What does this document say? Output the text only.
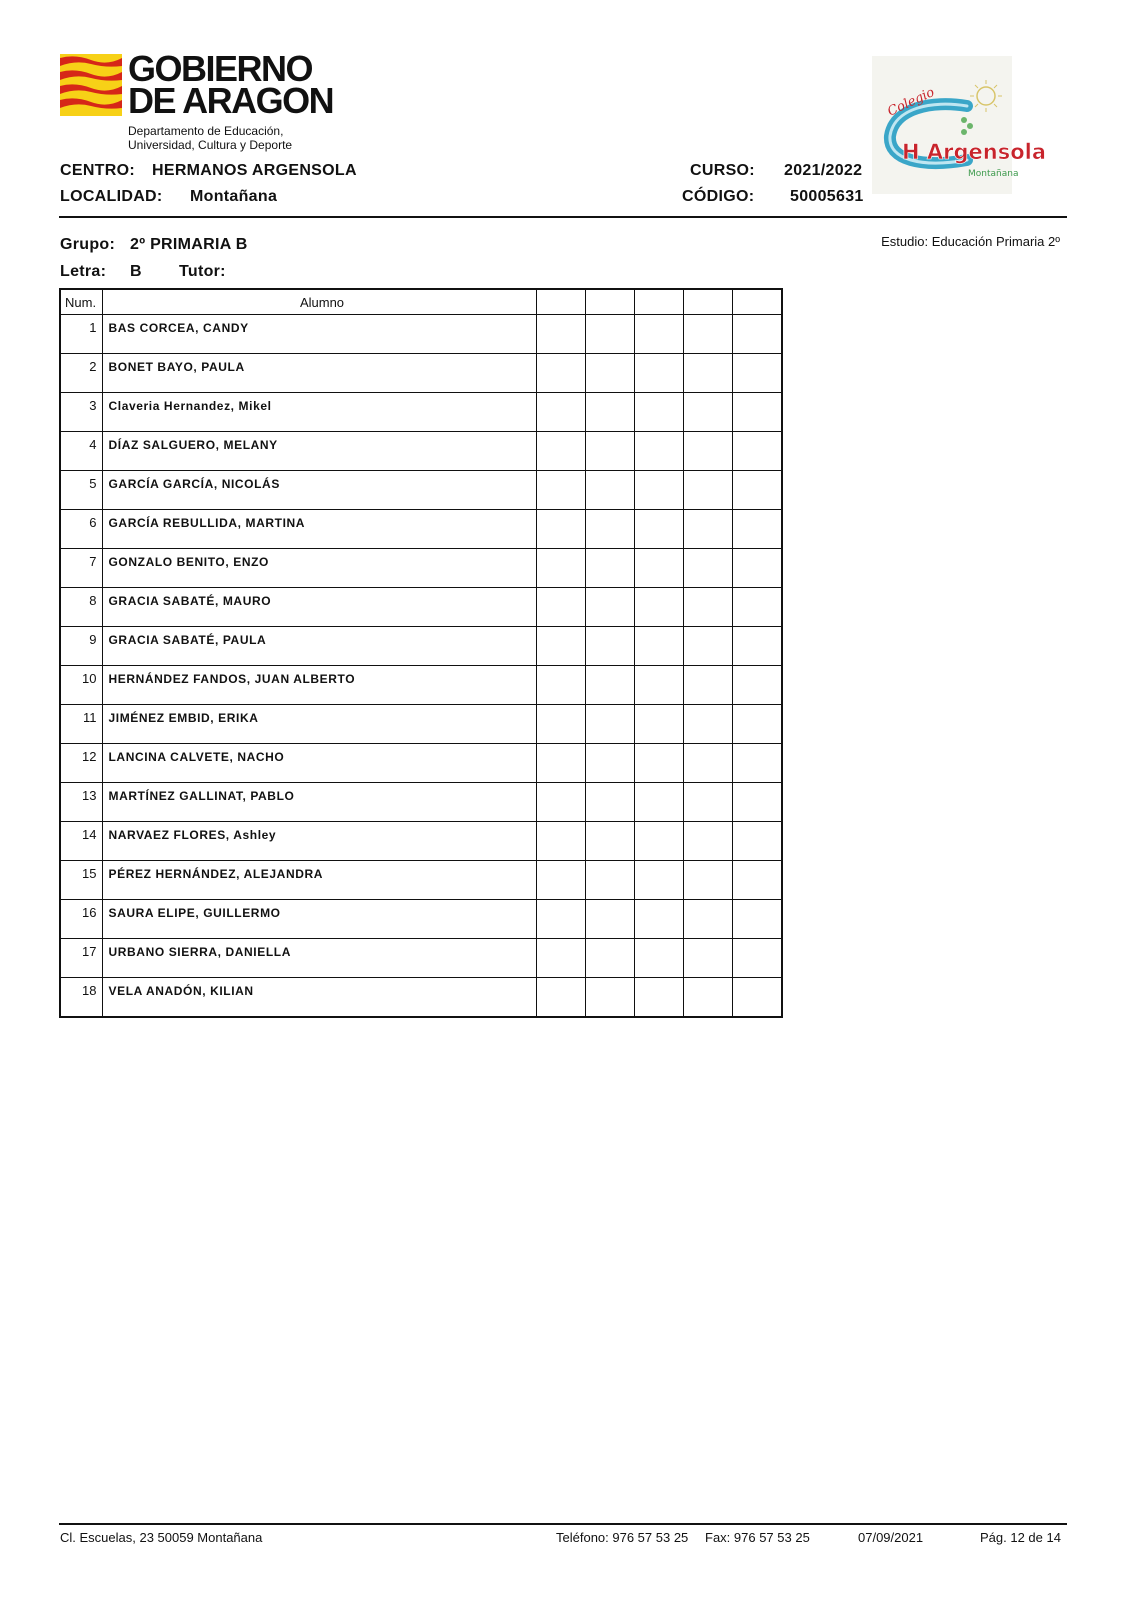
GOBIERNO
DE ARAGON
Departamento de Educación,
Universidad, Cultura y Deporte
Colegio
H Argensola
Montañana
CENTRO: HERMANOS ARGENSOLA
LOCALIDAD: Montañana
CURSO: 2021/2022
CÓDIGO: 50005631
Grupo: 2º PRIMARIA B
Letra: B Tutor:
Estudio: Educación Primaria 2º
Num.	Alumno					
1	BAS CORCEA, CANDY					
2	BONET BAYO, PAULA					
3	Claveria Hernandez, Mikel					
4	DÍAZ SALGUERO, MELANY					
5	GARCÍA GARCÍA, NICOLÁS					
6	GARCÍA REBULLIDA, MARTINA					
7	GONZALO BENITO, ENZO					
8	GRACIA SABATÉ, MAURO					
9	GRACIA SABATÉ, PAULA					
10	HERNÁNDEZ FANDOS, JUAN ALBERTO					
11	JIMÉNEZ EMBID, ERIKA					
12	LANCINA CALVETE, NACHO					
13	MARTÍNEZ GALLINAT, PABLO					
14	NARVAEZ FLORES, Ashley					
15	PÉREZ HERNÁNDEZ, ALEJANDRA					
16	SAURA ELIPE, GUILLERMO					
17	URBANO SIERRA, DANIELLA					
18	VELA ANADÓN, KILIAN					
Cl. Escuelas, 23 50059 Montañana	Teléfono: 976 57 53 25 Fax: 976 57 53 25	07/09/2021	Pág. 12 de 14
